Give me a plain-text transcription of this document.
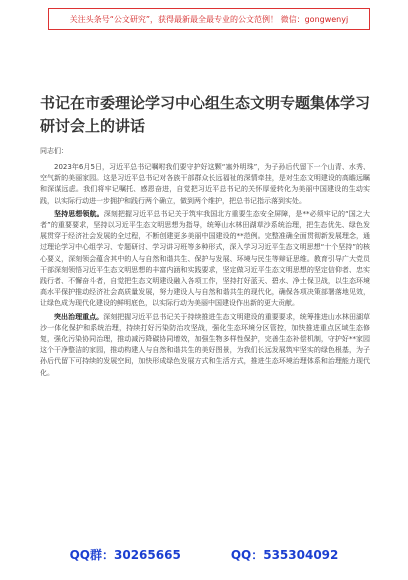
关注头条号“公文研究”，获得最新最全最专业的公文范例！ 微信：gongwenyj
书记在市委理论学习中心组生态文明专题集体学习研讨会上的讲话
同志们：

2023年6月5日，习近平总书记嘱咐我们要守护好这颗“塞外明珠”，为子孙后代留下一个山青、水秀、空气新的美丽家园。这是习近平总书记对各族干部群众长远福祉的深情牵挂，是对生态文明建设的高瞻远瞩和深谋远虑。我们将牢记嘱托、感恩奋进，自觉把习近平总书记的关怀厚爱转化为美丽中国建设的生动实践，以实际行动进一步拥护和践行两个确立，做到两个维护，把总书记指示落到实处。

坚持思想领航。深刻把握习近平总书记关于筑牢我国北方重要生态安全屏障，是**必须牢记的“国之大者”的重要要求，坚持以习近平生态文明思想为指导，统筹山水林田湖草沙系统治理，把生态优先、绿色发展贯穿于经济社会发展的全过程，不断创建更多美丽中国建设的**范例。完整准确全面贯彻新发展理念，通过理论学习中心组学习、专题研讨、学习讲习班等多种形式，深入学习习近平生态文明思想“十个坚持”的核心要义，深刻领会蕴含其中的人与自然和谐共生、保护与发展、环境与民生等辩证思维。教育引导广大党员干部深刻领悟习近平生态文明思想的丰富内涵和实践要求，坚定做习近平生态文明思想的坚定信仰者、忠实践行者、不懈奋斗者，自觉把生态文明建设融入各项工作，坚持打好蓝天、碧水、净土保卫战，以生态环境高水平保护推动经济社会高质量发展，努力建设人与自然和谐共生的现代化，确保各项决策部署落地见效，让绿色成为现代化建设的鲜明底色，以实际行动为美丽中国建设作出新的更大贡献。

突出治理重点。深刻把握习近平总书记关于持续推进生态文明建设的重要要求，统筹推进山水林田湖草沙一体化保护和系统治理，持续打好污染防治攻坚战，强化生态环境分区管控，加快推进重点区域生态修复，强化污染协同治理，推动减污降碳协同增效，加强生物多样性保护，完善生态补偿机制，守护好**家园这个干净整洁的家园，推动构建人与自然和谐共生的美好图景，为我们长远发展筑牢坚实的绿色根基，为子孙后代留下可持续的发展空间，加快形成绿色发展方式和生活方式，推进生态环境治理体系和治理能力现代化。

QQ群：30265665	QQ：535304092
